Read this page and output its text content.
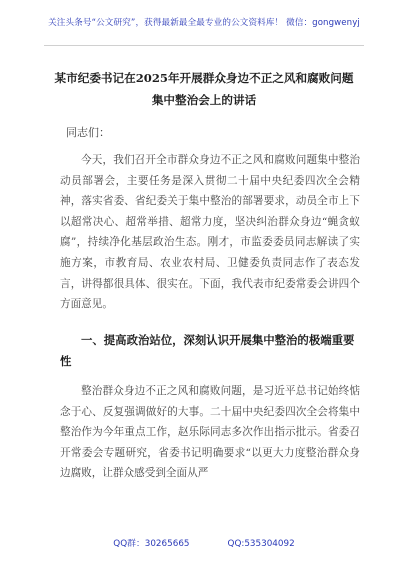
关注头条号“公文研究”，获得最新最全最专业的公文资料库！ 微信：gongwenyj
某市纪委书记在2025年开展群众身边不正之风和腐败问题
集中整治会上的讲话
同志们：

今天，我们召开全市群众身边不正之风和腐败问题集中整治动员部署会，主要任务是深入贯彻二十届中央纪委四次全会精神，落实省委、省纪委关于集中整治的部署要求，动员全市上下以超常决心、超常举措、超常力度，坚决纠治群众身边“蝇贪蚁腐”，持续净化基层政治生态。刚才，市监委委员同志解读了实施方案，市教育局、农业农村局、卫健委负责同志作了表态发言，讲得都很具体、很实在。下面，我代表市纪委常委会讲四个方面意见。

一、提高政治站位，深刻认识开展集中整治的极端重要性

整治群众身边不正之风和腐败问题，是习近平总书记始终惦念于心、反复强调做好的大事。二十届中央纪委四次全会将集中整治作为今年重点工作，赵乐际同志多次作出指示批示。省委召开常委会专题研究，省委书记明确要求“以更大力度整治群众身边腐败，让群众感受到全面从严

QQ群：30265665	QQ:535304092
